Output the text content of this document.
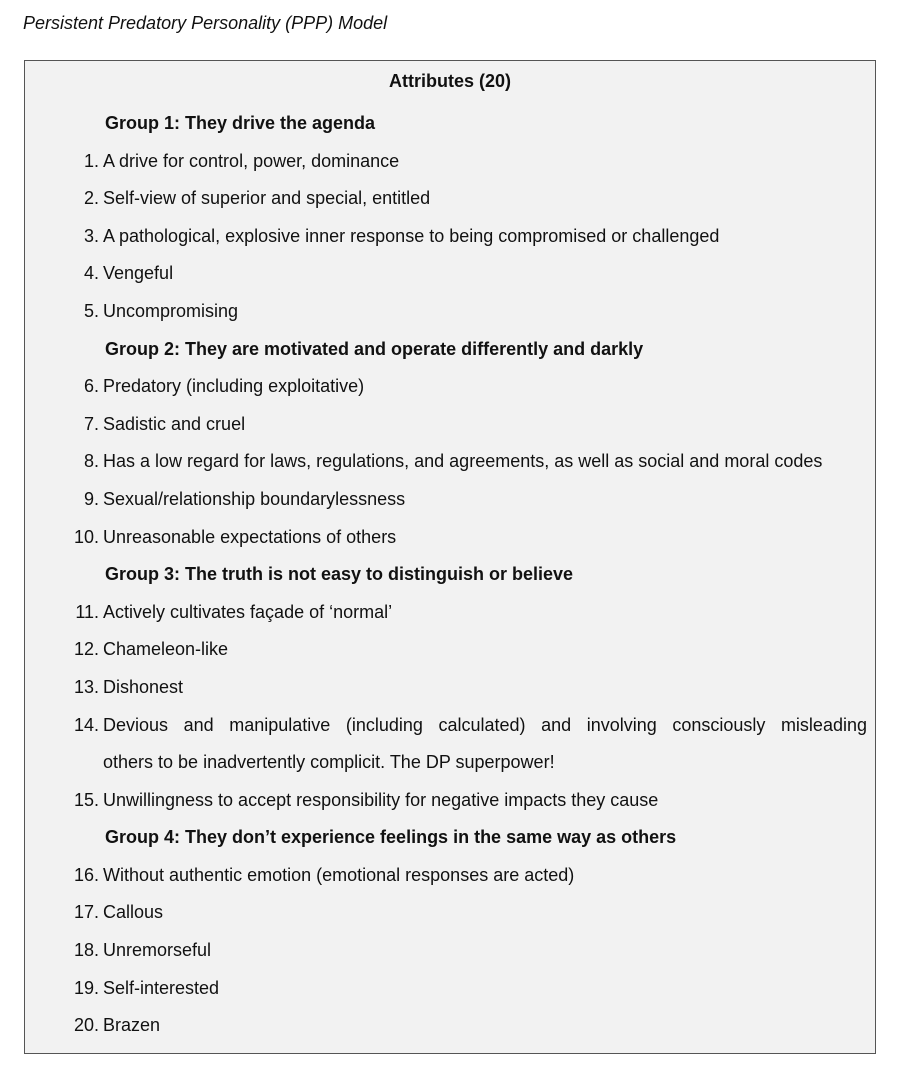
Persistent Predatory Personality (PPP) Model
Attributes (20)
Group 1: They drive the agenda
1. A drive for control, power, dominance
2. Self-view of superior and special, entitled
3. A pathological, explosive inner response to being compromised or challenged
4. Vengeful
5. Uncompromising
Group 2: They are motivated and operate differently and darkly
6. Predatory (including exploitative)
7. Sadistic and cruel
8. Has a low regard for laws, regulations, and agreements, as well as social and moral codes
9. Sexual/relationship boundarylessness
10. Unreasonable expectations of others
Group 3: The truth is not easy to distinguish or believe
11. Actively cultivates façade of ‘normal’
12. Chameleon-like
13. Dishonest
14. Devious and manipulative (including calculated) and involving consciously misleading
others to be inadvertently complicit. The DP superpower!
15. Unwillingness to accept responsibility for negative impacts they cause
Group 4: They don’t experience feelings in the same way as others
16. Without authentic emotion (emotional responses are acted)
17. Callous
18. Unremorseful
19. Self-interested
20. Brazen
